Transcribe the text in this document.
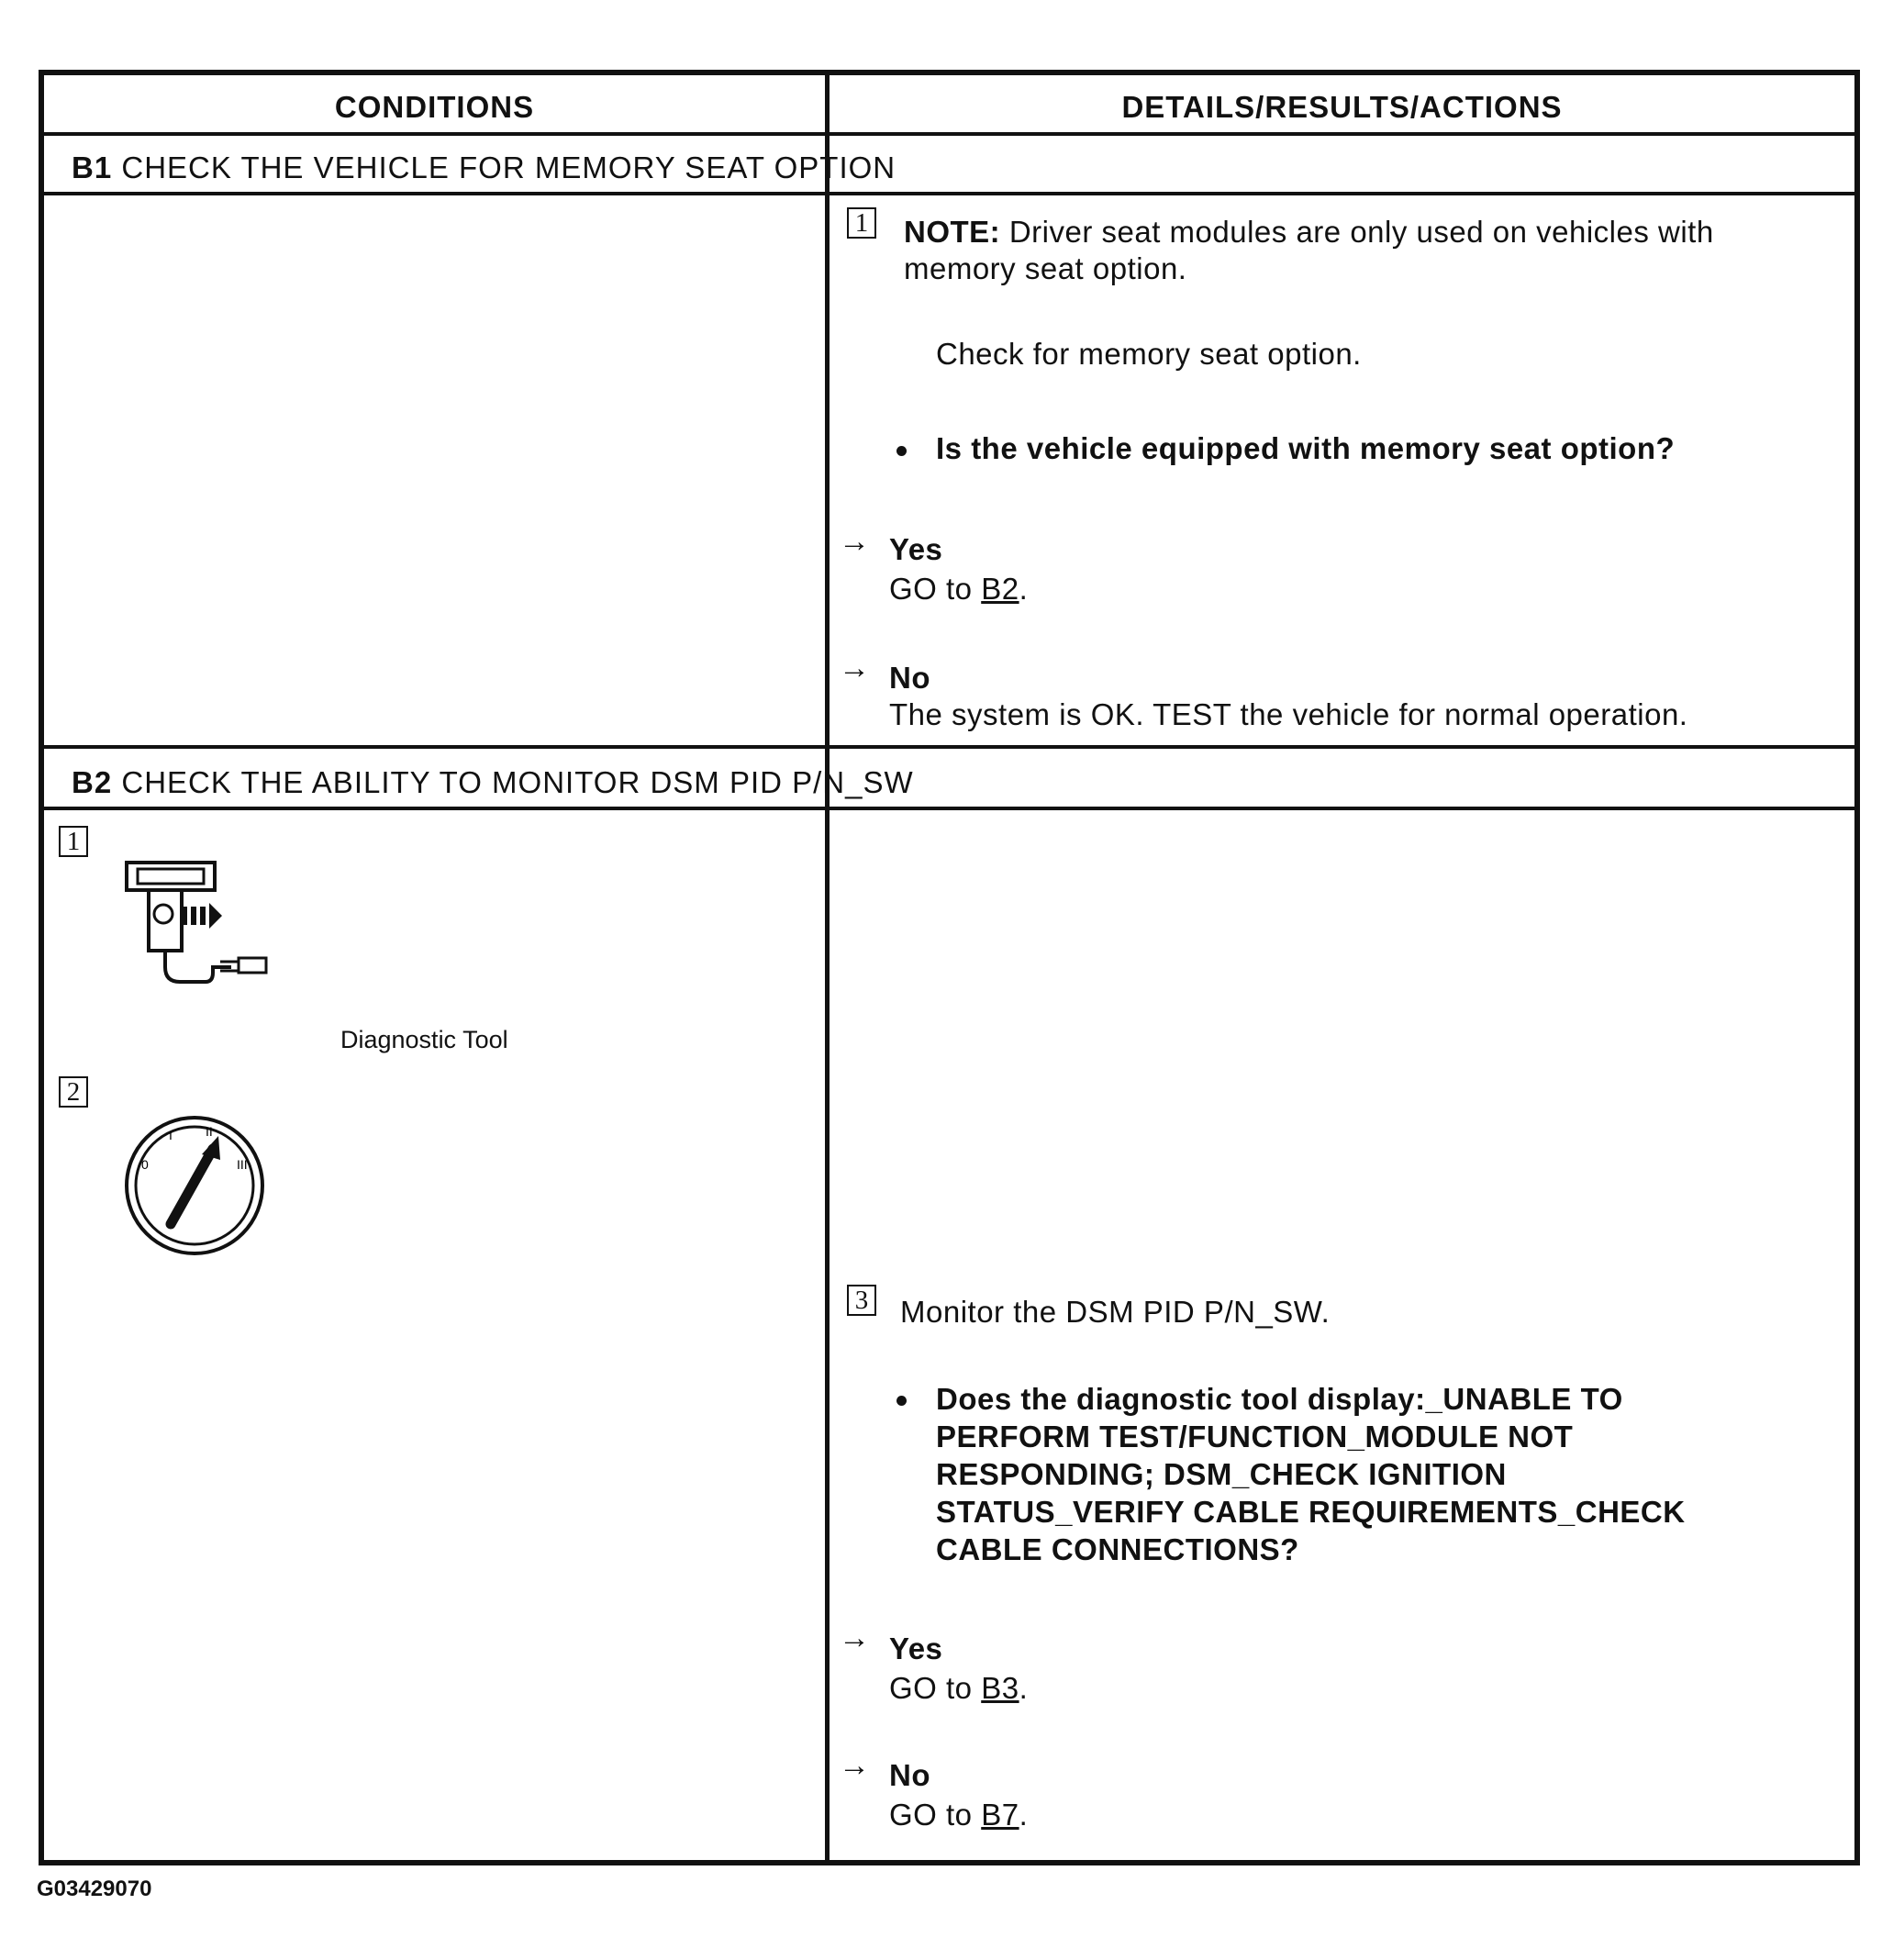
CONDITIONS	DETAILS/RESULTS/ACTIONS
B1 CHECK THE VEHICLE FOR MEMORY SEAT OPTION
1 NOTE: Driver seat modules are only used on vehicles with
memory seat option.
Check for memory seat option.
Is the vehicle equipped with memory seat option?
→ Yes
GO to B2.
→ No
The system is OK. TEST the vehicle for normal operation.
B2 CHECK THE ABILITY TO MONITOR DSM PID P/N_SW
1
Diagnostic Tool
2
0
I	II
III
3 Monitor the DSM PID P/N_SW.
Does the diagnostic tool display:_UNABLE TO
PERFORM TEST/FUNCTION_MODULE NOT
RESPONDING; DSM_CHECK IGNITION
STATUS_VERIFY CABLE REQUIREMENTS_CHECK
CABLE CONNECTIONS?
→ Yes
GO to B3.
→ No
GO to B7.
G03429070
